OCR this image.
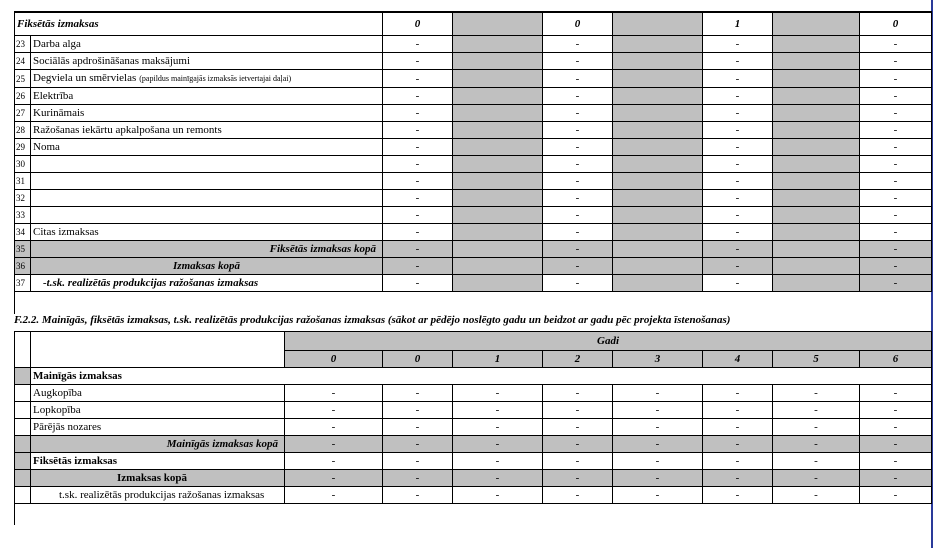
Fiksētās izmaksas		0		0		1		0
23	Darba alga	-		-		-		-
24	Sociālās apdrošināšanas maksājumi	-		-		-		-
25	Degviela un smērvielas (papildus mainīgajās izmaksās ietvertajai daļai)	-		-		-		-
26	Elektrība	-		-		-		-
27	Kurināmais	-		-		-		-
28	Ražošanas iekārtu apkalpošana un remonts	-		-		-		-
29	Noma	-		-		-		-
30		-		-		-		-
31		-		-		-		-
32		-		-		-		-
33		-		-		-		-
34	Citas izmaksas	-		-		-		-
35	Fiksētās izmaksas kopā	-		-		-		-
36	Izmaksas kopā	-		-		-		-
37	-t.sk. realizētās produkcijas ražošanas izmaksas	-		-		-		-
F.2.2. Mainīgās, fiksētās izmaksas, t.sk. realizētās produkcijas ražošanas izmaksas (sākot ar pēdējo noslēgto gadu un beidzot ar gadu pēc projekta īstenošanas)
		Gadi							
		0	0	1	2	3	4	5	6
	Mainīgās izmaksas								
	Augkopība	-	-	-	-	-	-	-	-
	Lopkopība	-	-	-	-	-	-	-	-
	Pārējās nozares	-	-	-	-	-	-	-	-
	Mainīgās izmaksas kopā	-	-	-	-	-	-	-	-
	Fiksētās izmaksas	-	-	-	-	-	-	-	-
	Izmaksas kopā	-	-	-	-	-	-	-	-
	t.sk. realizētās produkcijas ražošanas izmaksas	-	-	-	-	-	-	-	-
